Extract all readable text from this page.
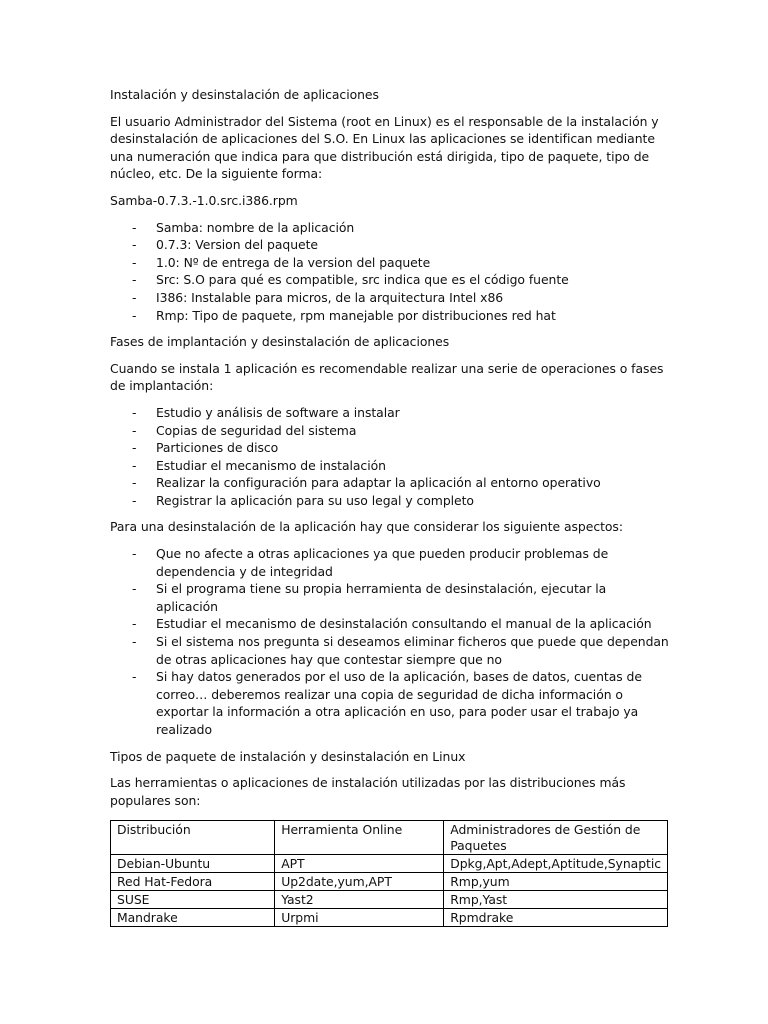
Instalación y desinstalación de aplicaciones

El usuario Administrador del Sistema (root en Linux) es el responsable de la instalación y desinstalación de aplicaciones del S.O. En Linux las aplicaciones se identifican mediante una numeración que indica para que distribución está dirigida, tipo de paquete, tipo de núcleo, etc. De la siguiente forma:

Samba-0.7.3.-1.0.src.i386.rpm

- Samba: nombre de la aplicación
- 0.7.3: Version del paquete
- 1.0: Nº de entrega de la version del paquete
- Src: S.O para qué es compatible, src indica que es el código fuente
- I386: Instalable para micros, de la arquitectura Intel x86
- Rmp: Tipo de paquete, rpm manejable por distribuciones red hat

Fases de implantación y desinstalación de aplicaciones

Cuando se instala 1 aplicación es recomendable realizar una serie de operaciones o fases de implantación:

- Estudio y análisis de software a instalar
- Copias de seguridad del sistema
- Particiones de disco
- Estudiar el mecanismo de instalación
- Realizar la configuración para adaptar la aplicación al entorno operativo
- Registrar la aplicación para su uso legal y completo

Para una desinstalación de la aplicación hay que considerar los siguiente aspectos:

- Que no afecte a otras aplicaciones ya que pueden producir problemas de dependencia y de integridad
- Si el programa tiene su propia herramienta de desinstalación, ejecutar la aplicación
- Estudiar el mecanismo de desinstalación consultando el manual de la aplicación
- Si el sistema nos pregunta si deseamos eliminar ficheros que puede que dependan de otras aplicaciones hay que contestar siempre que no
- Si hay datos generados por el uso de la aplicación, bases de datos, cuentas de correo… deberemos realizar una copia de seguridad de dicha información o exportar la información a otra aplicación en uso, para poder usar el trabajo ya realizado

Tipos de paquete de instalación y desinstalación en Linux

Las herramientas o aplicaciones de instalación utilizadas por las distribuciones más populares son:

Distribución	Herramienta Online	Administradores de Gestión de Paquetes
Debian-Ubuntu	APT	Dpkg,Apt,Adept,Aptitude,Synaptic
Red Hat-Fedora	Up2date,yum,APT	Rmp,yum
SUSE	Yast2	Rmp,Yast
Mandrake	Urpmi	Rpmdrake
